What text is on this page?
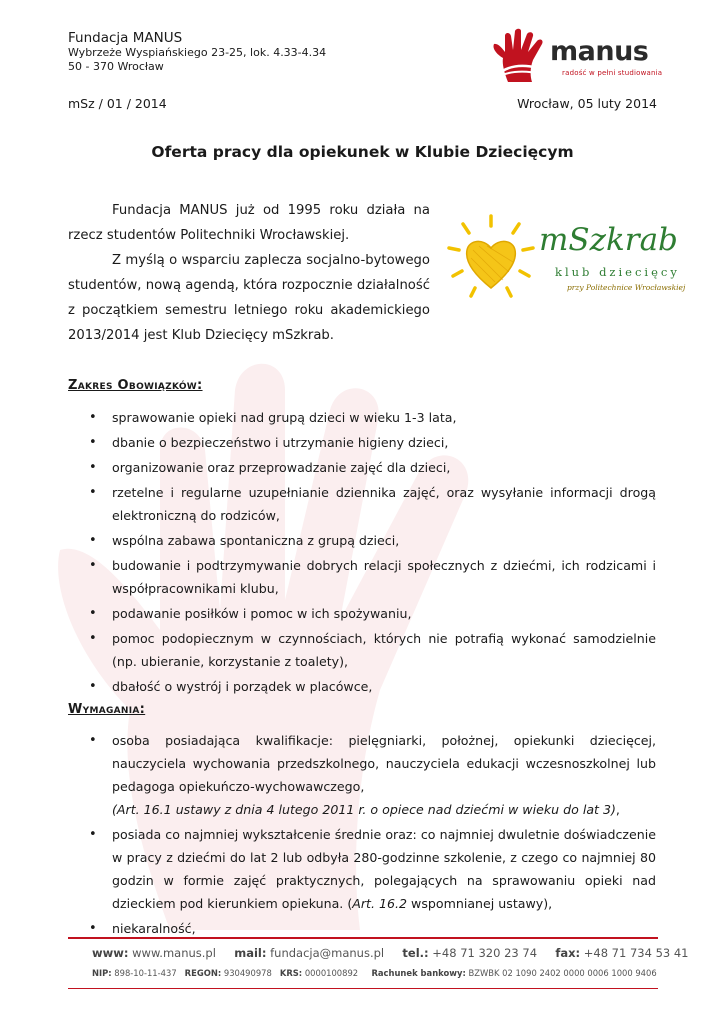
Fundacja MANUS
Wybrzeże Wyspiańskiego 23-25, lok. 4.33-4.34
50 - 370 Wrocław	manus
radość w pełni studiowania
mSz / 01 / 2014	Wrocław, 05 luty 2014
Oferta pracy dla opiekunek w Klubie Dziecięcym

Fundacja MANUS już od 1995 roku działa na rzecz studentów Politechniki Wrocławskiej.

Z myślą o wsparciu zaplecza socjalno-bytowego studentów, nową agendą, która rozpocznie działalność z początkiem semestru letniego roku akademickiego 2013/2014 jest Klub Dziecięcy mSzkrab.

mSzkrab
klub dziecięcy
przy Politechnice Wrocławskiej
Zakres Obowiązków:
• sprawowanie opieki nad grupą dzieci w wieku 1-3 lata,
• dbanie o bezpieczeństwo i utrzymanie higieny dzieci,
• organizowanie oraz przeprowadzanie zajęć dla dzieci,
• rzetelne i regularne uzupełnianie dziennika zajęć, oraz wysyłanie informacji drogą elektroniczną do rodziców,
• wspólna zabawa spontaniczna z grupą dzieci,
• budowanie i podtrzymywanie dobrych relacji społecznych z dziećmi, ich rodzicami i współpracownikami klubu,
• podawanie posiłków i pomoc w ich spożywaniu,
• pomoc podopiecznym w czynnościach, których nie potrafią wykonać samodzielnie (np. ubieranie, korzystanie z toalety),
• dbałość o wystrój i porządek w placówce,
Wymagania:
• osoba posiadająca kwalifikacje: pielęgniarki, położnej, opiekunki dziecięcej, nauczyciela wychowania przedszkolnego, nauczyciela edukacji wczesnoszkolnej lub pedagoga opiekuńczo-wychowawczego,
(Art. 16.1 ustawy z dnia 4 lutego 2011 r. o opiece nad dziećmi w wieku do lat 3),
• posiada co najmniej wykształcenie średnie oraz: co najmniej dwuletnie doświadczenie w pracy z dziećmi do lat 2 lub odbyła 280-godzinne szkolenie, z czego co najmniej 80 godzin w formie zajęć praktycznych, polegających na sprawowaniu opieki nad dzieckiem pod kierunkiem opiekuna. (Art. 16.2 wspomnianej ustawy),
• niekaralność,
www: www.manus.pl mail: fundacja@manus.pl tel.: +48 71 320 23 74 fax: +48 71 734 53 41
NIP: 898-10-11-437 REGON: 930490978 KRS: 0000100892 Rachunek bankowy: BZWBK 02 1090 2402 0000 0006 1000 9406
